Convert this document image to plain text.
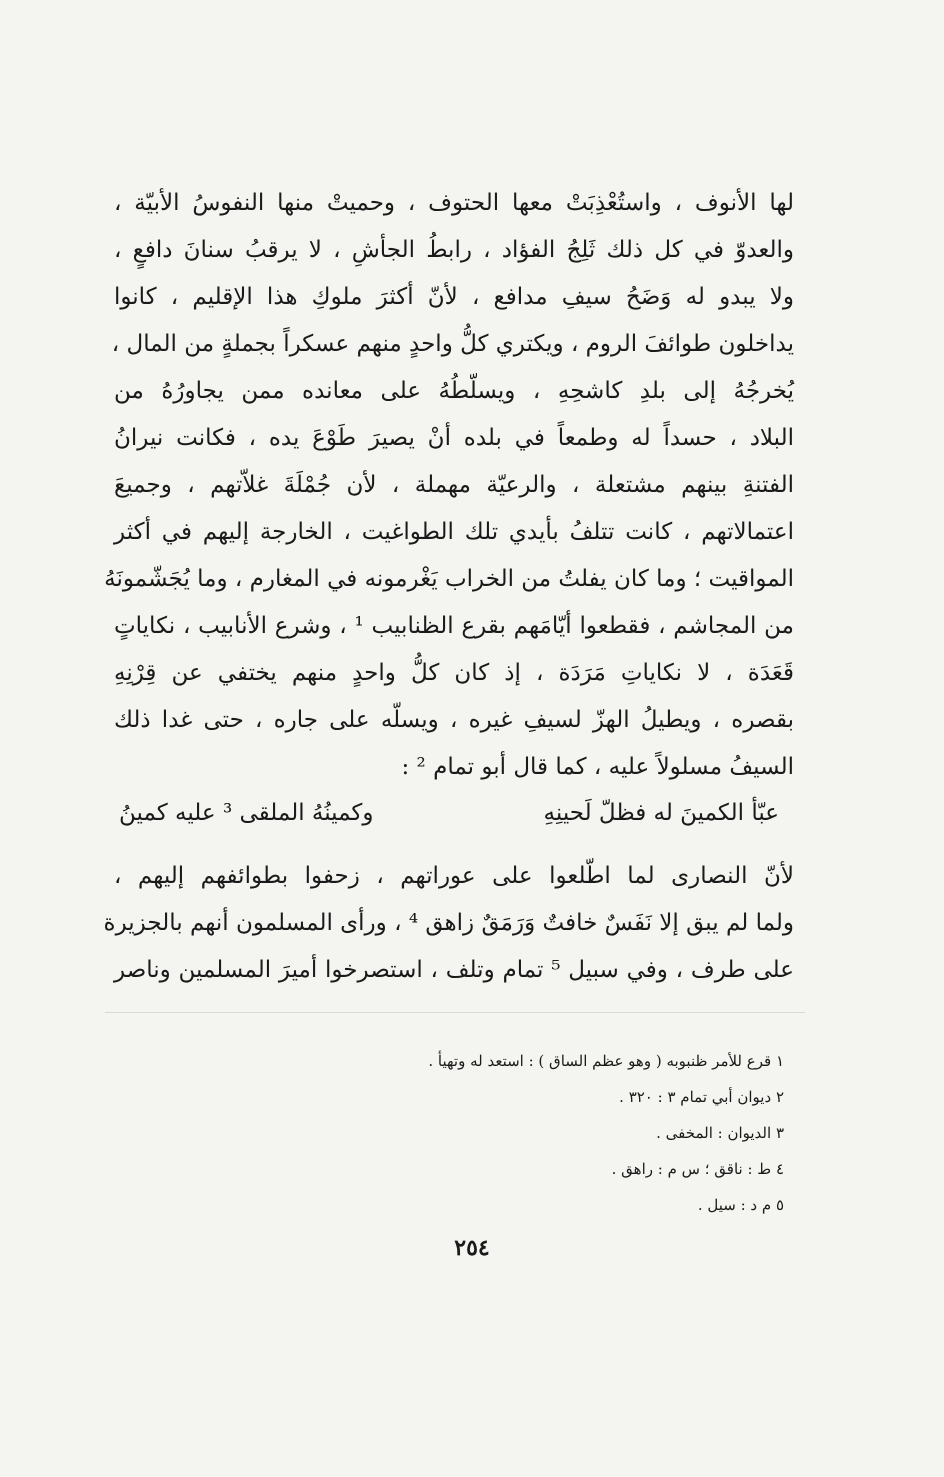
لها الأنوف ، واستُعْذِبَتْ معها الحتوف ، وحميتْ منها النفوسُ الأبيّة ،
والعدوّ في كل ذلك ثَلِجُ الفؤاد ، رابطُ الجأشِ ، لا يرقبُ سنانَ دافعٍ ،
ولا يبدو له وَضَحُ سيفِ مدافع ، لأنّ أكثرَ ملوكِ هذا الإقليم ، كانوا
يداخلون طوائفَ الروم ، ويكتري كلُّ واحدٍ منهم عسكراً بجملةٍ من المال ،
يُخرجُهُ إلى بلدِ كاشحِهِ ، ويسلّطُهُ على معانده ممن يجاورُهُ من
البلاد ، حسداً له وطمعاً في بلده أنْ يصيرَ طَوْعَ يده ، فكانت نيرانُ
الفتنةِ بينهم مشتعلة ، والرعيّة مهملة ، لأن جُمْلَةَ غلاّتهم ، وجميعَ
اعتمالاتهم ، كانت تتلفُ بأيدي تلك الطواغيت ، الخارجة إليهم في أكثر
المواقيت ؛ وما كان يفلتُ من الخراب يَغْرمونه في المغارم ، وما يُجَشّمونَهُ
من المجاشم ، فقطعوا أيّامَهم بقرع الظنابيب ¹ ، وشرع الأنابيب ، نكاياتٍ
قَعَدَة ، لا نكاياتِ مَرَدَة ، إذ كان كلُّ واحدٍ منهم يختفي عن قِرْنِهِ
بقصره ، ويطيلُ الهزّ لسيفِ غيره ، ويسلّه على جاره ، حتى غدا ذلك
السيفُ مسلولاً عليه ، كما قال أبو تمام ² :
عبّأ الكمينَ له فظلّ لَحينِهِ
وكمينُهُ الملقى ³ عليه كمينُ
لأنّ النصارى لما اطّلعوا على عوراتهم ، زحفوا بطوائفهم إليهم ،
ولما لم يبق إلا نَفَسٌ خافتٌ وَرَمَقٌ زاهق ⁴ ، ورأى المسلمون أنهم بالجزيرة
على طرف ، وفي سبيل ⁵ تمام وتلف ، استصرخوا أميرَ المسلمين وناصر
١ قرع للأمر ظنبوبه ( وهو عظم الساق ) : استعد له وتهيأ .
٢ ديوان أبي تمام ٣ : ٣٢٠ .
٣ الديوان : المخفى .
٤ ط : ناقق ؛ س م : راهق .
٥ م د : سيل .
٢٥٤
